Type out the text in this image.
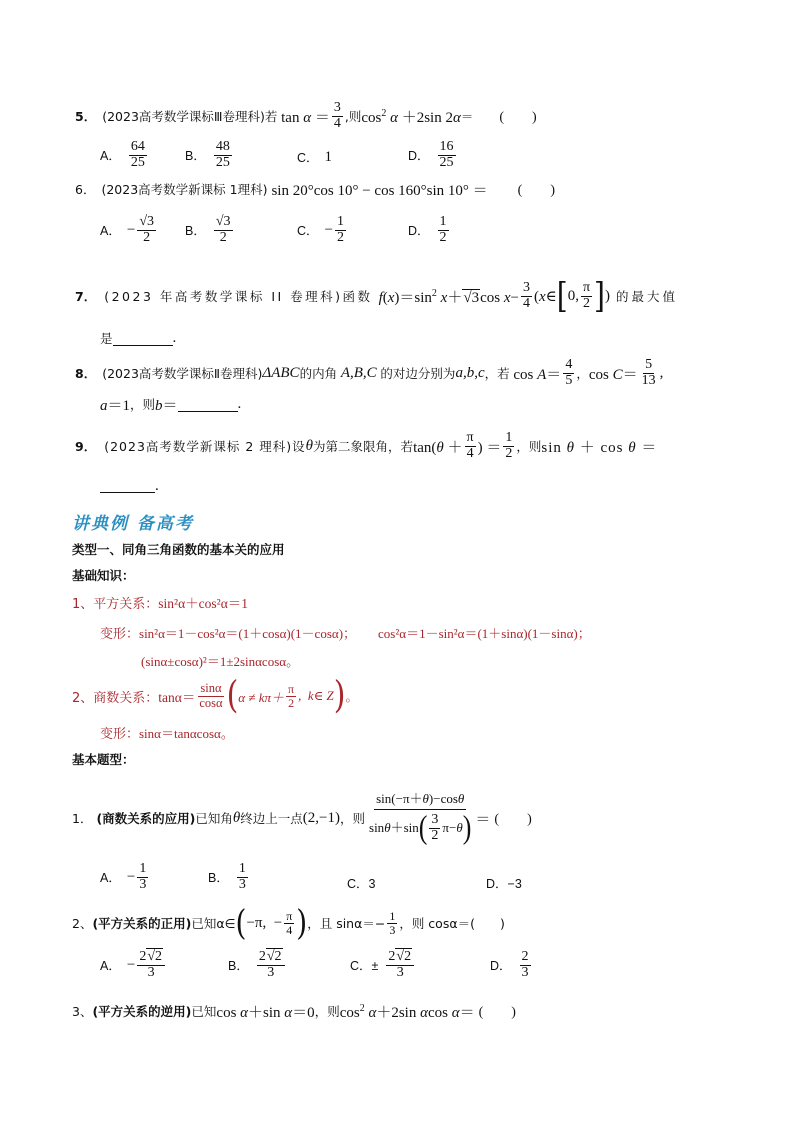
5． (2023高考数学课标Ⅲ卷理科)若 $\tan \alpha = \frac{3}{4}$ ,则 $\cos^2 \alpha +2\sin$ 2α ＝ (　　)
A． $\frac{64}{25}$	B． $\frac{48}{25}$	C． 1	D． $\frac{16}{25}$
6． (2023高考数学新课标 1理科) sin 20°cos 10° − cos 160°sin 10° ＝ (　　)
A． − $\frac{√3}{2}$ B． $\frac{√3}{2}$	C． − $\frac{1}{2}$	D． $\frac{1}{2}$
7． (2023 年高考数学课标 II 卷理科)函数 $f(x)=\sin^2$ x＋√3cos $x- \frac{3}{4}$ (x∈ [ 0, $\frac{\pi}{2}$ ] ) 的最大值
是	.
8． (2023高考数学课标Ⅱ卷理科) ΔABC 的内角 A,B,C 的对边分别为 a,b,c ，若 $\cos A= \frac{4}{5}$ ， $\cos C= \frac{5}{13}$ ,
a＝1 ，则 b＝	.
9． (2023高考数学新课标 2 理科)设 θ 为第二象限角，若 $\tan(\theta + \frac{\pi}{4}$ ) ＝ $\frac{1}{2}$ ，则 sin θ ＋ cos θ ＝
.
讲典例 备高考
类型一、同角三角函数的基本关的应用
基础知识：
1、平方关系： sin²α＋cos²α＝1
变形： sin²α＝1－cos²α＝(1＋cosα)(1－cosα)； cos²α＝1－sin²α＝(1＋sinα)(1－sinα)；
(sinα±cosα)²＝1±2sinαcosα。
2、商数关系： $\tan\alpha= \frac{\sin\alpha}{\cos\alpha}$ ( $\alpha \ne k\pi+ \frac{\pi}{2}$ ,  k∈ Z ) 。
变形：sinα＝tanαcosα。
基本题型：
1． (商数关系的应用) 已知角 θ 终边上一点 (2,−1) ，则 $\frac{\sin(-\pi+\theta)-\cos\theta}{\sin \theta +\sin ( \frac{3}{2} \pi- \theta )}$ ＝ (　　)
A． − $\frac{1}{3}$	B． $\frac{1}{3}$	C．3	D．−3
2、 (平方关系的正用) 已知α∈ ( −π,  − $\frac{\pi}{4}$ ) ，且 $\sin\alpha=- \frac{1}{3}$ ，则 cosα＝(　　)
A． − $\frac{2√2}{3}$	B． $\frac{2√2}{3}$	C．± $\frac{2√2}{3}$	D． $\frac{2}{3}$
3、 (平方关系的逆用) 已知 cos α＋sin α＝0 ，则 $\cos^2 \alpha+2\sin$ αcos α＝ (　　)
